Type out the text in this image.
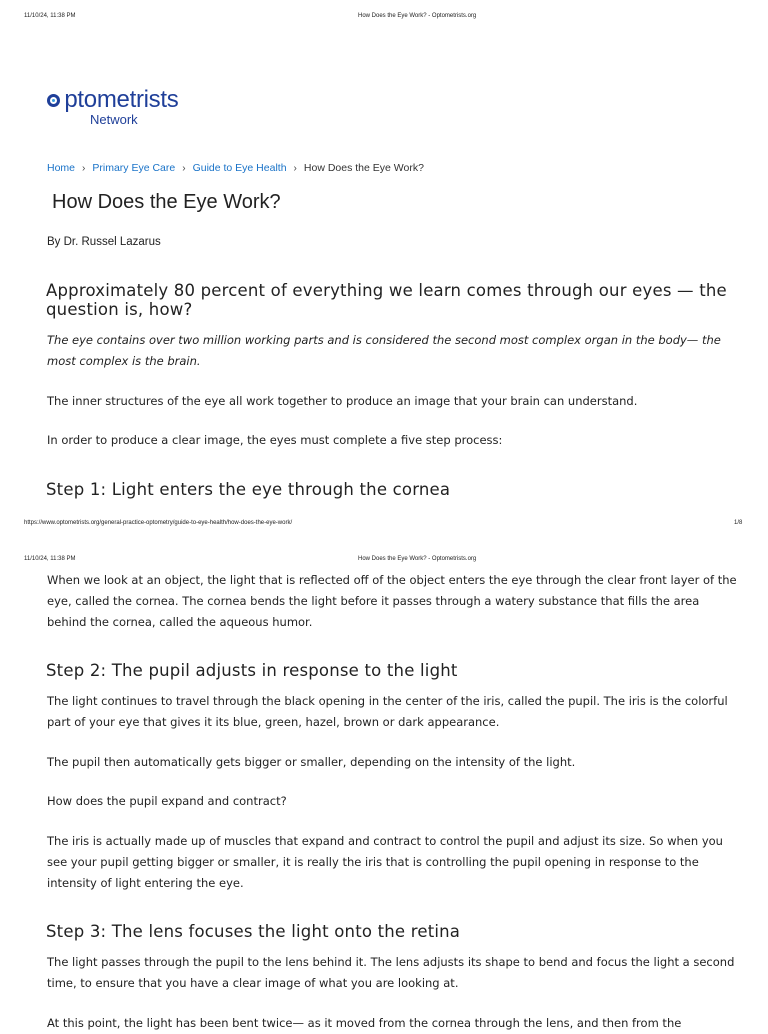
11/10/24, 11:38 PM	How Does the Eye Work? - Optometrists.org
ptometrists
Network
Home › Primary Eye Care › Guide to Eye Health › How Does the Eye Work?
How Does the Eye Work?
By Dr. Russel Lazarus
Approximately 80 percent of everything we learn comes through our eyes — the question is, how?
The eye contains over two million working parts and is considered the second most complex organ in the body— the most complex is the brain.
The inner structures of the eye all work together to produce an image that your brain can understand.
In order to produce a clear image, the eyes must complete a five step process:
Step 1: Light enters the eye through the cornea
https://www.optometrists.org/general-practice-optometry/guide-to-eye-health/how-does-the-eye-work/	1/8
11/10/24, 11:38 PM	How Does the Eye Work? - Optometrists.org
When we look at an object, the light that is reflected off of the object enters the eye through the clear front layer of the eye, called the cornea. The cornea bends the light before it passes through a watery substance that fills the area behind the cornea, called the aqueous humor.
Step 2: The pupil adjusts in response to the light
The light continues to travel through the black opening in the center of the iris, called the pupil. The iris is the colorful part of your eye that gives it its blue, green, hazel, brown or dark appearance.
The pupil then automatically gets bigger or smaller, depending on the intensity of the light.
How does the pupil expand and contract?
The iris is actually made up of muscles that expand and contract to control the pupil and adjust its size. So when you see your pupil getting bigger or smaller, it is really the iris that is controlling the pupil opening in response to the intensity of light entering the eye.
Step 3: The lens focuses the light onto the retina
The light passes through the pupil to the lens behind it. The lens adjusts its shape to bend and focus the light a second time, to ensure that you have a clear image of what you are looking at.
At this point, the light has been bent twice— as it moved from the cornea through the lens, and then from the
